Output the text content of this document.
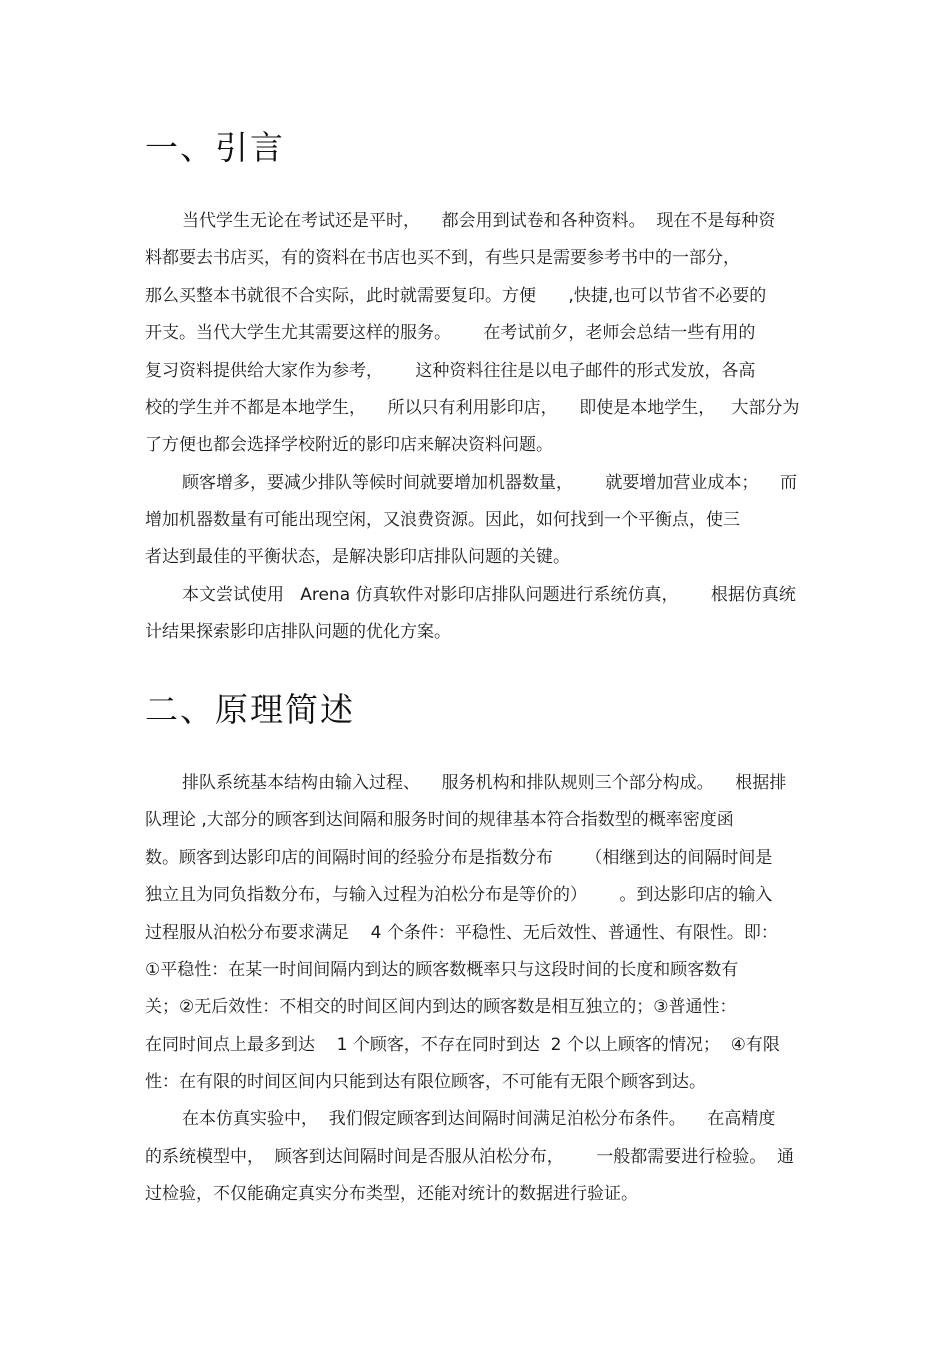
一、引言

当代学生无论在考试还是平时，    都会用到试卷和各种资料。  现在不是每种资

料都要去书店买，有的资料在书店也买不到，有些只是需要参考书中的一部分，

那么买整本书就很不合实际，此时就需要复印。方便      ,快捷,也可以节省不必要的

开支。当代大学生尤其需要这样的服务。      在考试前夕，老师会总结一些有用的

复习资料提供给大家作为参考，      这种资料往往是以电子邮件的形式发放，各高

校的学生并不都是本地学生，    所以只有利用影印店，    即使是本地学生，   大部分为

了方便也都会选择学校附近的影印店来解决资料问题。

顾客增多，要减少排队等候时间就要增加机器数量，      就要增加营业成本；    而

增加机器数量有可能出现空闲，又浪费资源。因此，如何找到一个平衡点，使三

者达到最佳的平衡状态，是解决影印店排队问题的关键。

本文尝试使用   Arena 仿真软件对影印店排队问题进行系统仿真，      根据仿真统

计结果探索影印店排队问题的优化方案。

二、原理简述

排队系统基本结构由输入过程、    服务机构和排队规则三个部分构成。    根据排

队理论 ,大部分的顾客到达间隔和服务时间的规律基本符合指数型的概率密度函

数。顾客到达影印店的间隔时间的经验分布是指数分布      （相继到达的间隔时间是

独立且为同负指数分布，与输入过程为泊松分布是等价的）      。到达影印店的输入

过程服从泊松分布要求满足    4 个条件：平稳性、无后效性、普通性、有限性。即：

①平稳性：在某一时间间隔内到达的顾客数概率只与这段时间的长度和顾客数有

关；②无后效性：不相交的时间区间内到达的顾客数是相互独立的；③普通性：

在同时间点上最多到达    1 个顾客，不存在同时到达  2 个以上顾客的情况；  ④有限

性：在有限的时间区间内只能到达有限位顾客，不可能有无限个顾客到达。

在本仿真实验中，  我们假定顾客到达间隔时间满足泊松分布条件。    在高精度

的系统模型中，  顾客到达间隔时间是否服从泊松分布，      一般都需要进行检验。  通

过检验，不仅能确定真实分布类型，还能对统计的数据进行验证。
